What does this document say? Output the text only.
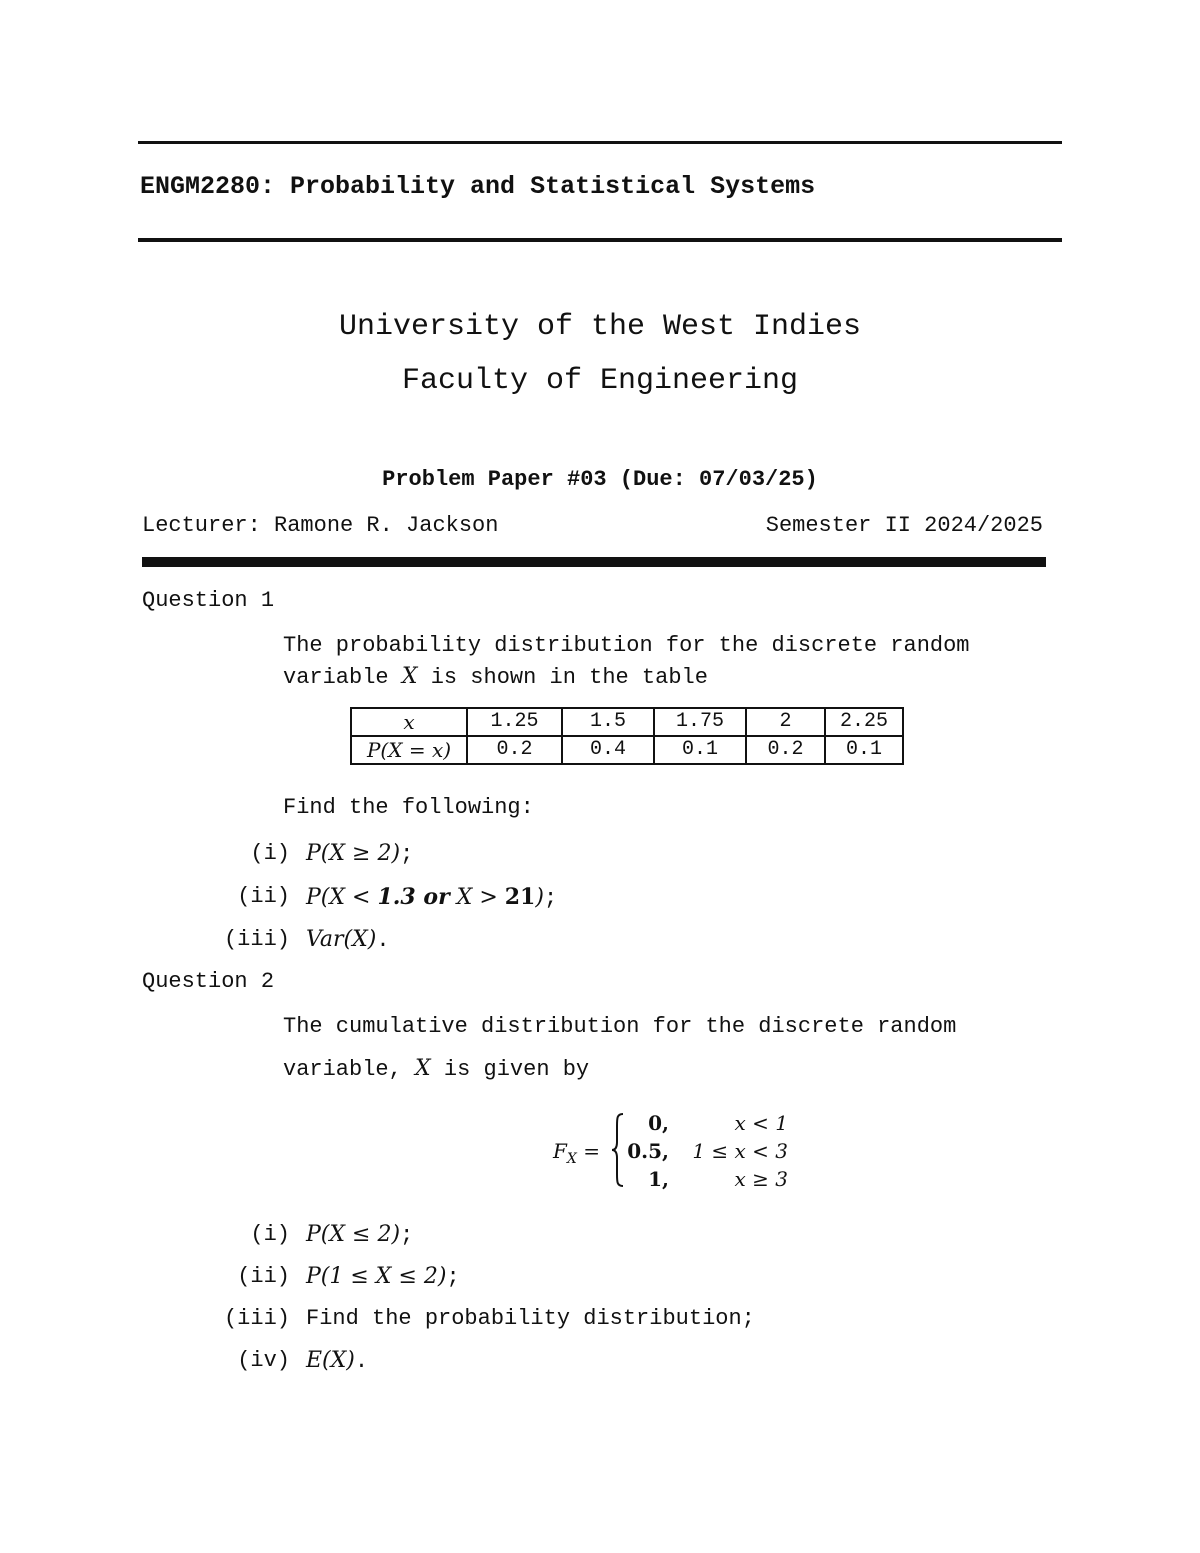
ENGM2280: Probability and Statistical Systems
University of the West Indies
Faculty of Engineering
Problem Paper #03 (Due: 07/03/25)
Lecturer: Ramone R. Jackson	Semester II 2024/2025
Question 1
The probability distribution for the discrete random
variable X is shown in the table
x	1.25	1.5	1.75	2	2.25
P(X = x)	0.2	0.4	0.1	0.2	0.1
Find the following:
(i) P(X ≥ 2);
(ii) P(X < 1.3 or X > 21);
(iii) Var(X).
Question 2
The cumulative distribution for the discrete random
variable, X is given by
$F_X$ =
0,	x < 1
0.5,	1 ≤ x < 3
1,	x ≥ 3
(i) P(X ≤ 2);
(ii) P(1 ≤ X ≤ 2);
(iii) Find the probability distribution;
(iv) E(X).
